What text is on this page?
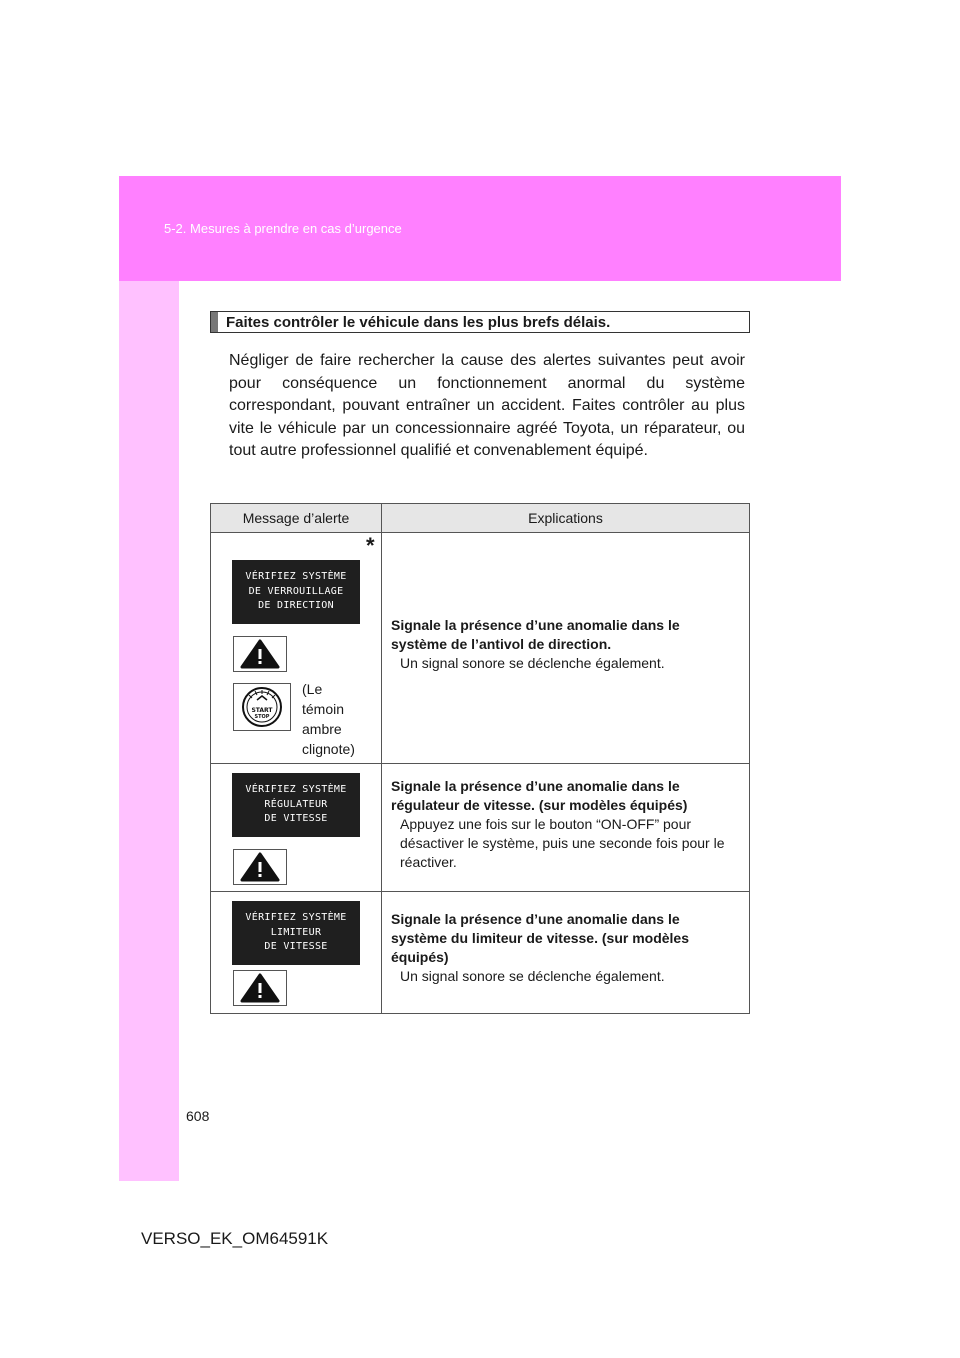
5-2. Mesures à prendre en cas d’urgence
Faites contrôler le véhicule dans les plus brefs délais.
Négliger de faire rechercher la cause des alertes suivantes peut avoir pour conséquence un fonctionnement anormal du système correspondant, pouvant entraîner un accident. Faites contrôler au plus vite le véhicule par un concessionnaire agréé Toyota, un réparateur, ou tout autre professionnel qualifié et convenablement équipé.
Message d’alerte	Explications
*
VÉRIFIEZ SYSTÈME
DE VERROUILLAGE
DE DIRECTION
START
STOP
(Le
témoin
ambre
clignote)
Signale la présence d’une anomalie dans le système de l’antivol de direction.
Un signal sonore se déclenche également.
VÉRIFIEZ SYSTÈME
RÉGULATEUR
DE VITESSE
Signale la présence d’une anomalie dans le régulateur de vitesse. (sur modèles équipés)
Appuyez une fois sur le bouton “ON-OFF” pour désactiver le système, puis une seconde fois pour le réactiver.
VÉRIFIEZ SYSTÈME
LIMITEUR
DE VITESSE
Signale la présence d’une anomalie dans le système du limiteur de vitesse. (sur modèles équipés)
Un signal sonore se déclenche également.
608
VERSO_EK_OM64591K
